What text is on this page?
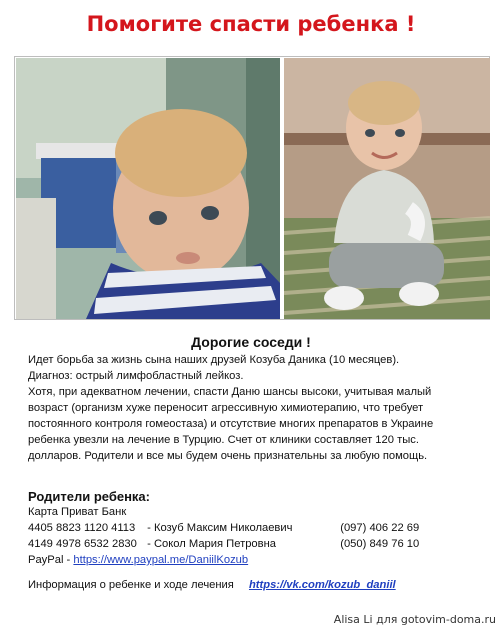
Помогите спасти ребенка !
Дорогие соседи !

Идет борьба за жизнь сына наших друзей Козуба Даника (10 месяцев).

Диагноз: острый лимфобластный лейкоз.

Хотя, при адекватном лечении, спасти Даню шансы высоки, учитывая малый

возраст (организм хуже переносит агрессивную химиотерапию, что требует

постоянного контроля гомеостаза) и отсутствие многих препаратов в Украине

ребенка увезли на лечение в Турцию. Счет от клиники составляет 120 тыс.

долларов. Родители и все мы будем очень признательны за любую помощь.

Родители ребенка:
Карта Приват Банк
4405 8823 1120 4113 - Козуб Максим Николаевич	(097) 406 22 69
4149 4978 6532 2830 - Сокол Мария Петровна	(050) 849 76 10
PayPal - https://www.paypal.me/DaniilKozub
Информация о ребенке и ходе лечения https://vk.com/kozub_daniil
Alisa Li для gotovim-doma.ru
